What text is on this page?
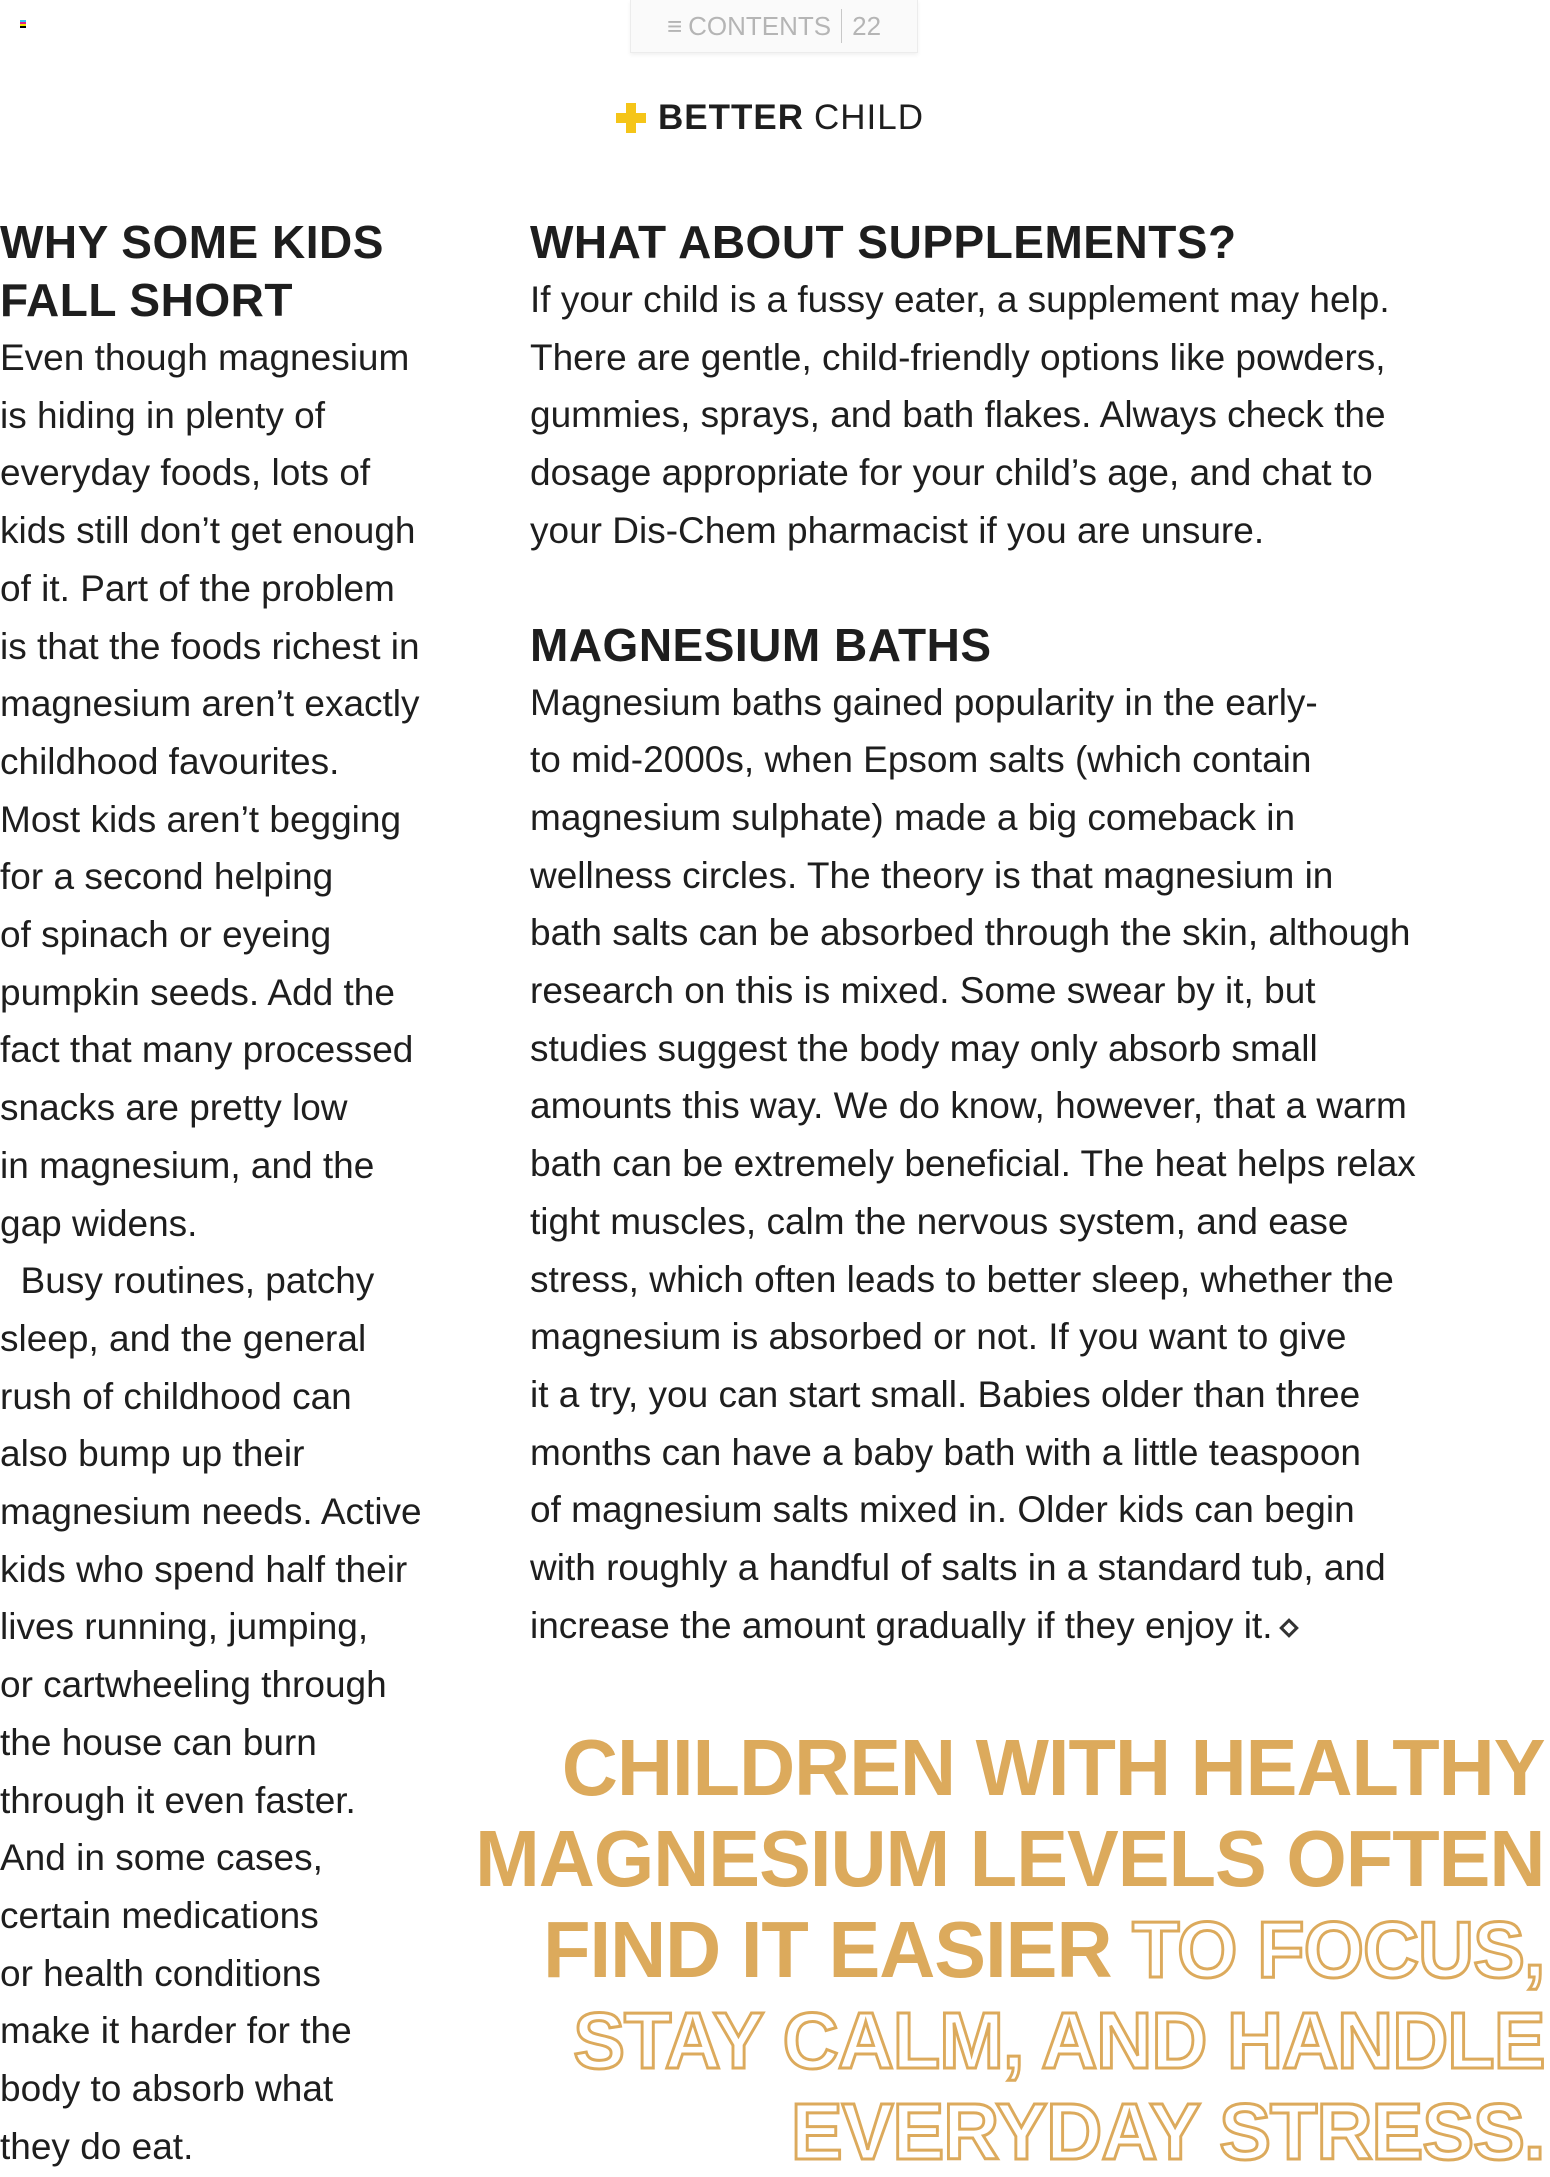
≡ CONTENTS 22
BETTER CHILD
WHY SOME KIDS
FALL SHORT
Even though magnesium
is hiding in plenty of
everyday foods, lots of
kids still don’t get enough
of it. Part of the problem
is that the foods richest in
magnesium aren’t exactly
childhood favourites.
Most kids aren’t begging
for a second helping
of spinach or eyeing
pumpkin seeds. Add the
fact that many processed
snacks are pretty low
in magnesium, and the
gap widens.
Busy routines, patchy
sleep, and the general
rush of childhood can
also bump up their
magnesium needs. Active
kids who spend half their
lives running, jumping,
or cartwheeling through
the house can burn
through it even faster.
And in some cases,
certain medications
or health conditions
make it harder for the
body to absorb what
they do eat.
WHAT ABOUT SUPPLEMENTS?
If your child is a fussy eater, a supplement may help.
There are gentle, child-friendly options like powders,
gummies, sprays, and bath flakes. Always check the
dosage appropriate for your child’s age, and chat to
your Dis-Chem pharmacist if you are unsure.
MAGNESIUM BATHS
Magnesium baths gained popularity in the early-
to mid-2000s, when Epsom salts (which contain
magnesium sulphate) made a big comeback in
wellness circles. The theory is that magnesium in
bath salts can be absorbed through the skin, although
research on this is mixed. Some swear by it, but
studies suggest the body may only absorb small
amounts this way. We do know, however, that a warm
bath can be extremely beneficial. The heat helps relax
tight muscles, calm the nervous system, and ease
stress, which often leads to better sleep, whether the
magnesium is absorbed or not. If you want to give
it a try, you can start small. Babies older than three
months can have a baby bath with a little teaspoon
of magnesium salts mixed in. Older kids can begin
with roughly a handful of salts in a standard tub, and
increase the amount gradually if they enjoy it.
CHILDREN WITH HEALTHY
MAGNESIUM LEVELS OFTEN
FIND IT EASIER TO FOCUS,
STAY CALM, AND HANDLE
EVERYDAY STRESS.
